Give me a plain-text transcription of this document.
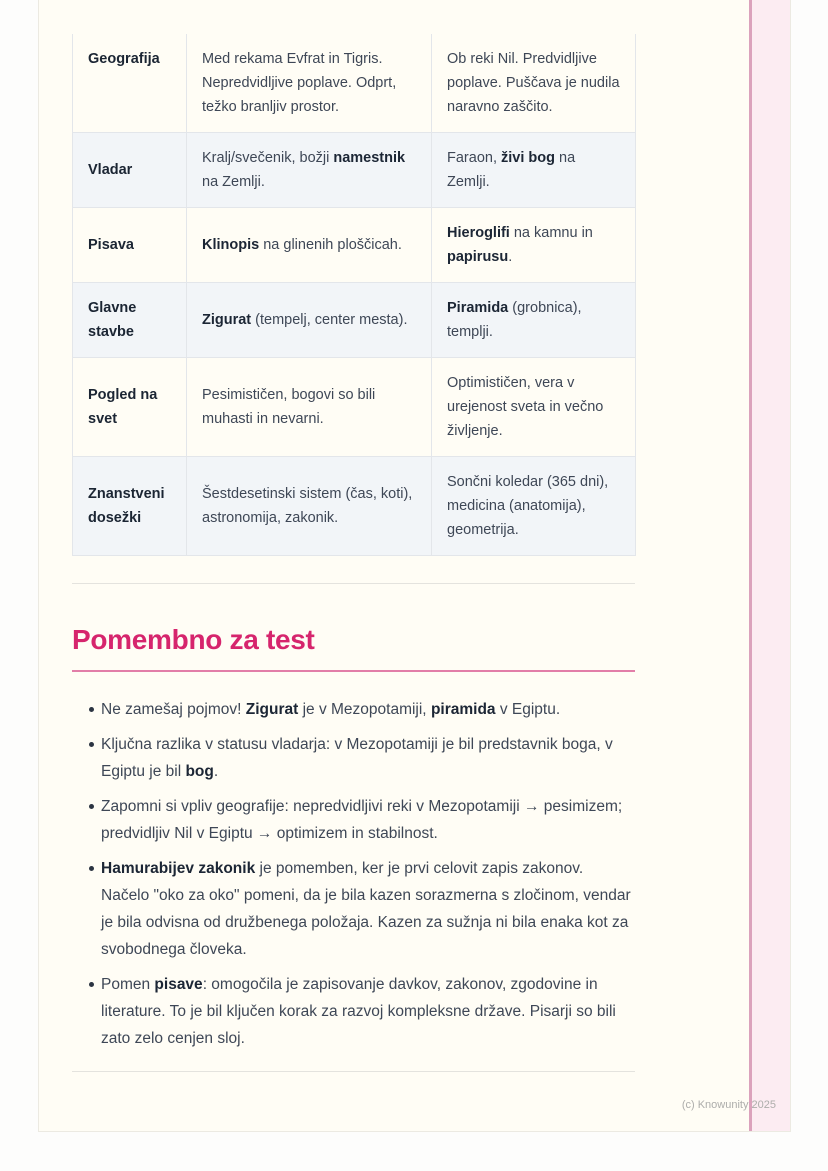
Geografija	Med rekama Evfrat in Tigris. Nepredvidljive poplave. Odprt, težko branljiv prostor.	Ob reki Nil. Predvidljive poplave. Puščava je nudila naravno zaščito.
Vladar	Kralj/svečenik, božji namestnik na Zemlji.	Faraon, živi bog na Zemlji.
Pisava	Klinopis na glinenih ploščicah.	Hieroglifi na kamnu in papirusu.
Glavne stavbe	Zigurat (tempelj, center mesta).	Piramida (grobnica), templji.
Pogled na svet	Pesimističen, bogovi so bili muhasti in nevarni.	Optimističen, vera v urejenost sveta in večno življenje.
Znanstveni dosežki	Šestdesetinski sistem (čas, koti), astronomija, zakonik.	Sončni koledar (365 dni), medicina (anatomija), geometrija.
Pomembno za test
Ne zamešaj pojmov! Zigurat je v Mezopotamiji, piramida v Egiptu.
Ključna razlika v statusu vladarja: v Mezopotamiji je bil predstavnik boga, v Egiptu je bil bog.
Zapomni si vpliv geografije: nepredvidljivi reki v Mezopotamiji → pesimizem; predvidljiv Nil v Egiptu → optimizem in stabilnost.
Hamurabijev zakonik je pomemben, ker je prvi celovit zapis zakonov. Načelo "oko za oko" pomeni, da je bila kazen sorazmerna s zločinom, vendar je bila odvisna od družbenega položaja. Kazen za sužnja ni bila enaka kot za svobodnega človeka.
Pomen pisave: omogočila je zapisovanje davkov, zakonov, zgodovine in literature. To je bil ključen korak za razvoj kompleksne države. Pisarji so bili zato zelo cenjen sloj.
(c) Knowunity 2025
